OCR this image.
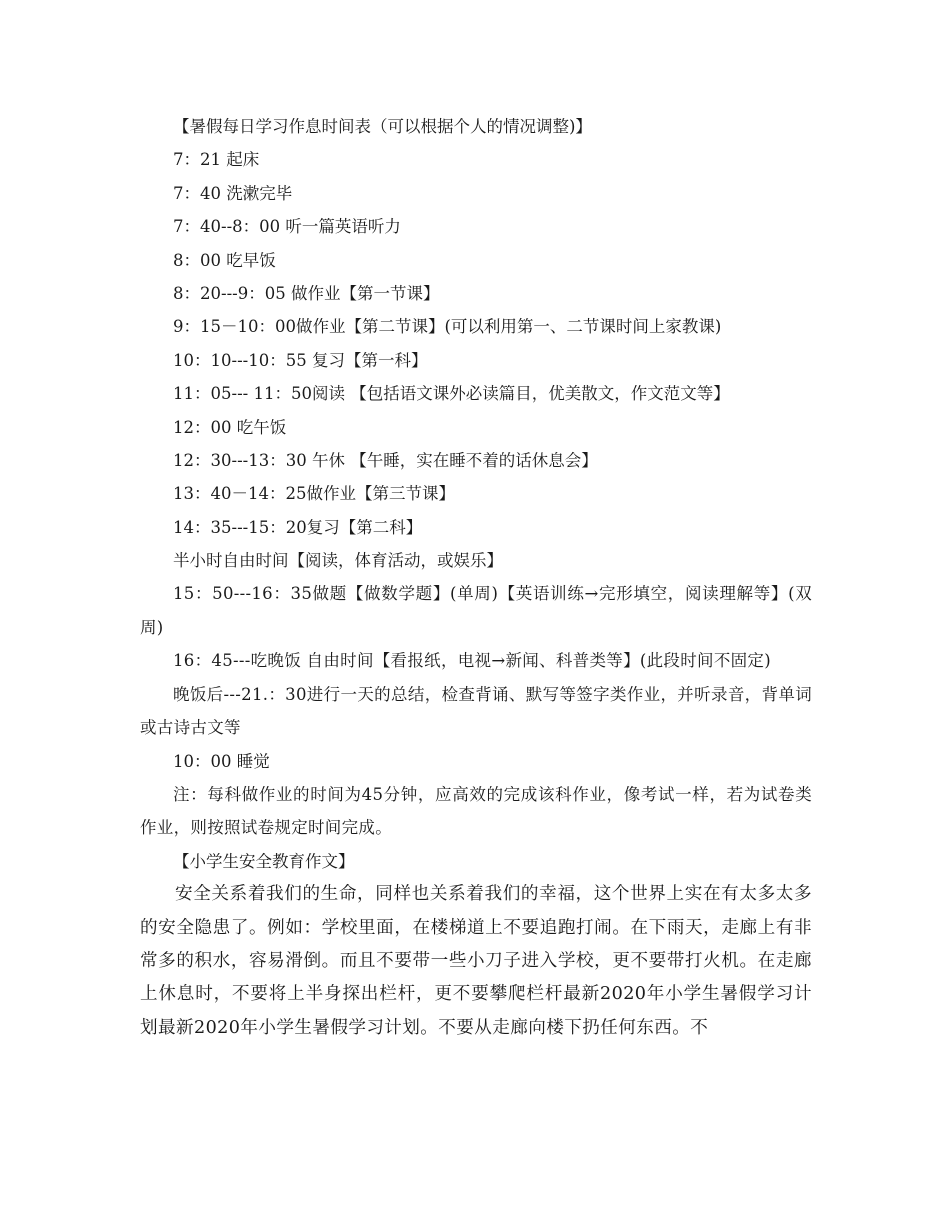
【暑假每日学习作息时间表（可以根据个人的情况调整)】
7：21 起床
7：40 洗漱完毕
7：40--8：00 听一篇英语听力
8：00 吃早饭
8：20---9：05 做作业【第一节课】
9：15－10：00做作业【第二节课】(可以利用第一、二节课时间上家教课)
10：10---10：55 复习【第一科】
11：05--- 11：50阅读 【包括语文课外必读篇目，优美散文，作文范文等】
12：00 吃午饭
12：30---13：30 午休 【午睡，实在睡不着的话休息会】
13：40－14：25做作业【第三节课】
14：35---15：20复习【第二科】
半小时自由时间【阅读，体育活动，或娱乐】

15：50---16：35做题【做数学题】(单周)【英语训练→完形填空，阅读理解等】(双周)

16：45---吃晚饭 自由时间【看报纸，电视→新闻、科普类等】(此段时间不固定)

晚饭后---21.：30进行一天的总结，检查背诵、默写等签字类作业，并听录音，背单词或古诗古文等

10：00 睡觉

注：每科做作业的时间为45分钟，应高效的完成该科作业，像考试一样，若为试卷类作业，则按照试卷规定时间完成。

【小学生安全教育作文】

安全关系着我们的生命，同样也关系着我们的幸福，这个世界上实在有太多太多的安全隐患了。例如：学校里面，在楼梯道上不要追跑打闹。在下雨天，走廊上有非常多的积水，容易滑倒。而且不要带一些小刀子进入学校，更不要带打火机。在走廊上休息时，不要将上半身探出栏杆，更不要攀爬栏杆最新2020年小学生暑假学习计划最新2020年小学生暑假学习计划。不要从走廊向楼下扔任何东西。不
